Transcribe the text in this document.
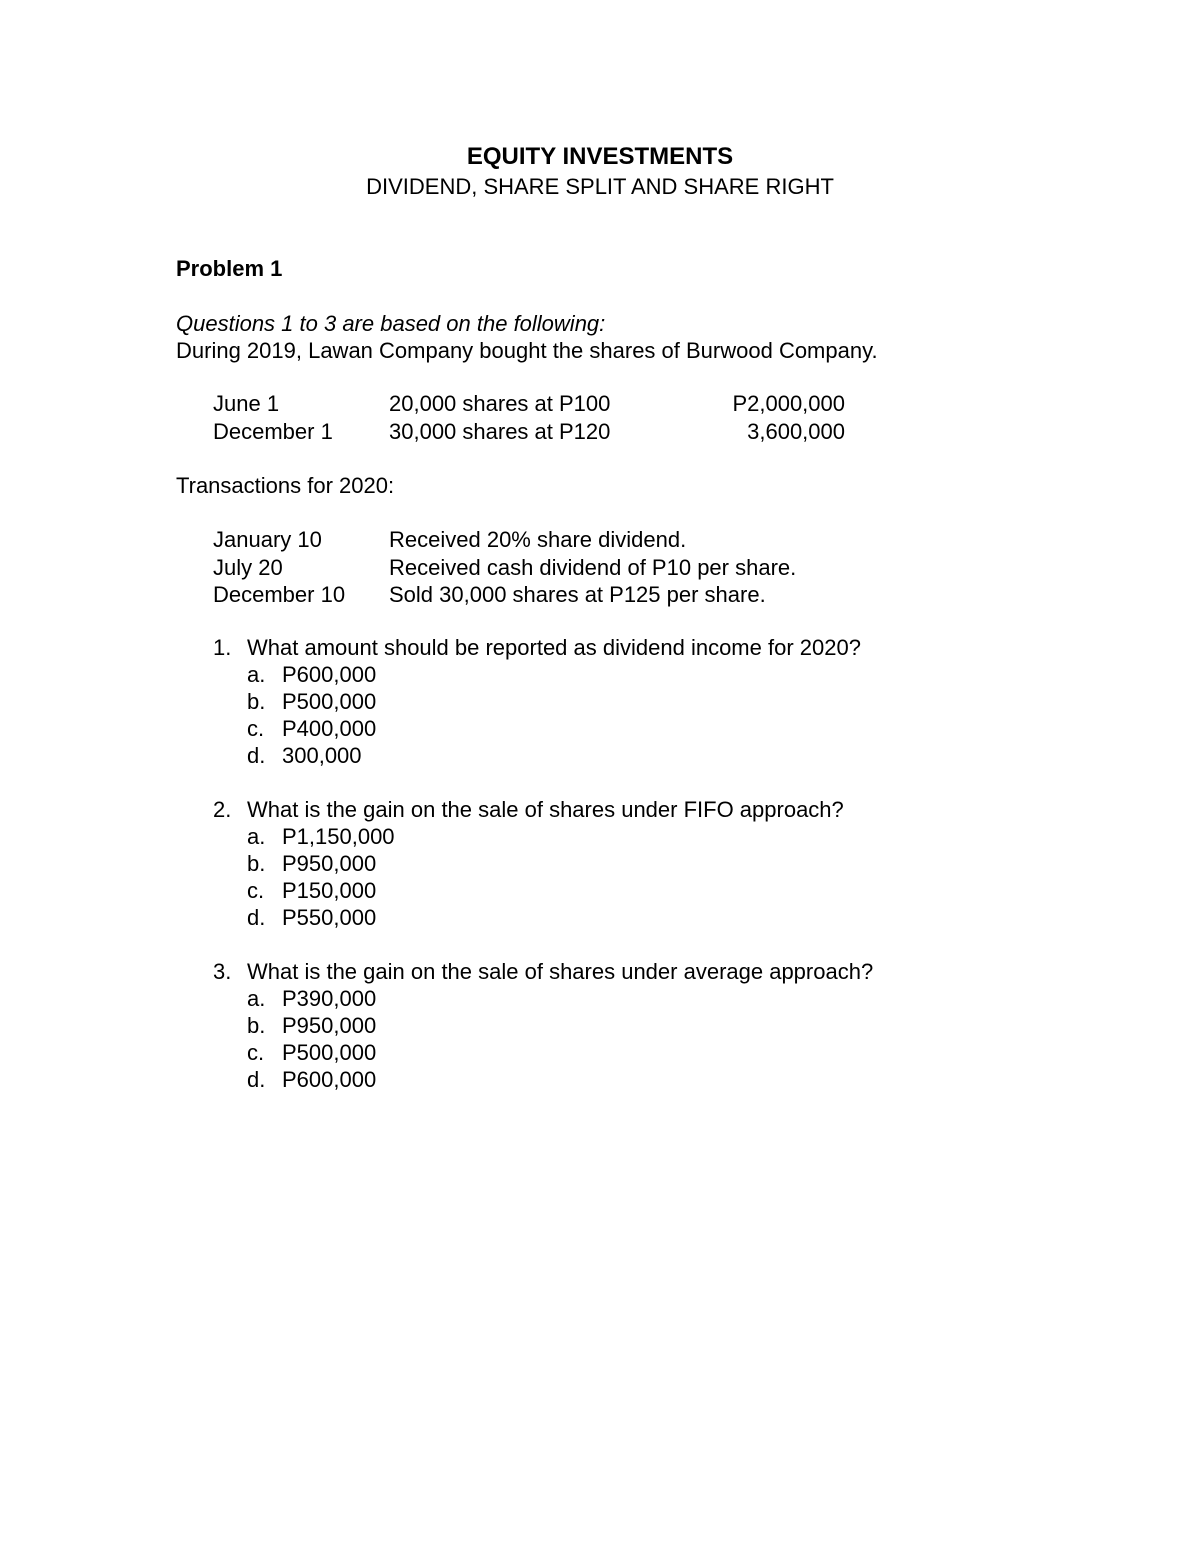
EQUITY INVESTMENTS
DIVIDEND, SHARE SPLIT AND SHARE RIGHT
Problem 1
Questions 1 to 3 are based on the following:
During 2019, Lawan Company bought the shares of Burwood Company.
June 1	20,000 shares at P100	P2,000,000
December 1	30,000 shares at P120	3,600,000
Transactions for 2020:
January 10	Received 20% share dividend.
July 20	Received cash dividend of P10 per share.
December 10 Sold 30,000 shares at P125 per share.
1. What amount should be reported as dividend income for 2020?
a. P600,000
b. P500,000
c. P400,000
d. 300,000
2. What is the gain on the sale of shares under FIFO approach?
a. P1,150,000
b. P950,000
c. P150,000
d. P550,000
3. What is the gain on the sale of shares under average approach?
a. P390,000
b. P950,000
c. P500,000
d. P600,000
